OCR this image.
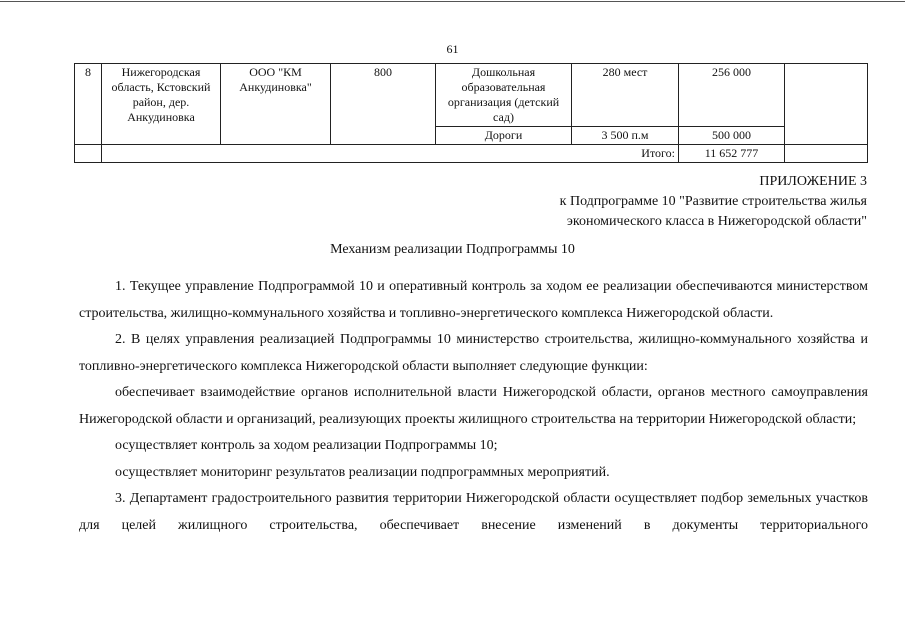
61
8	Нижегородская область, Кстовский район, дер. Анкудиновка	ООО "КМ Анкудиновка"	800	Дошкольная образовательная организация (детский сад)	280 мест	256 000	
				Дороги	3 500 п.м	500 000	
	Итого:					11 652 777	
ПРИЛОЖЕНИЕ 3
к Подпрограмме 10 "Развитие строительства жилья
экономического класса в Нижегородской области"
Механизм реализации Подпрограммы 10

1. Текущее управление Подпрограммой 10 и оперативный контроль за ходом ее реализации обеспечиваются министерством строительства, жилищно-коммунального хозяйства и топливно-энергетического комплекса Нижегородской области.

2. В целях управления реализацией Подпрограммы 10 министерство строительства, жилищно-коммунального хозяйства и топливно-энергетического комплекса Нижегородской области выполняет следующие функции:

обеспечивает взаимодействие органов исполнительной власти Нижегородской области, органов местного самоуправления Нижегородской области и организаций, реализующих проекты жилищного строительства на территории Нижегородской области;

осуществляет контроль за ходом реализации Подпрограммы 10;

осуществляет мониторинг результатов реализации подпрограммных мероприятий.

3. Департамент градостроительного развития территории Нижегородской области осуществляет подбор земельных участков для целей жилищного строительства, обеспечивает внесение изменений в документы территориального
